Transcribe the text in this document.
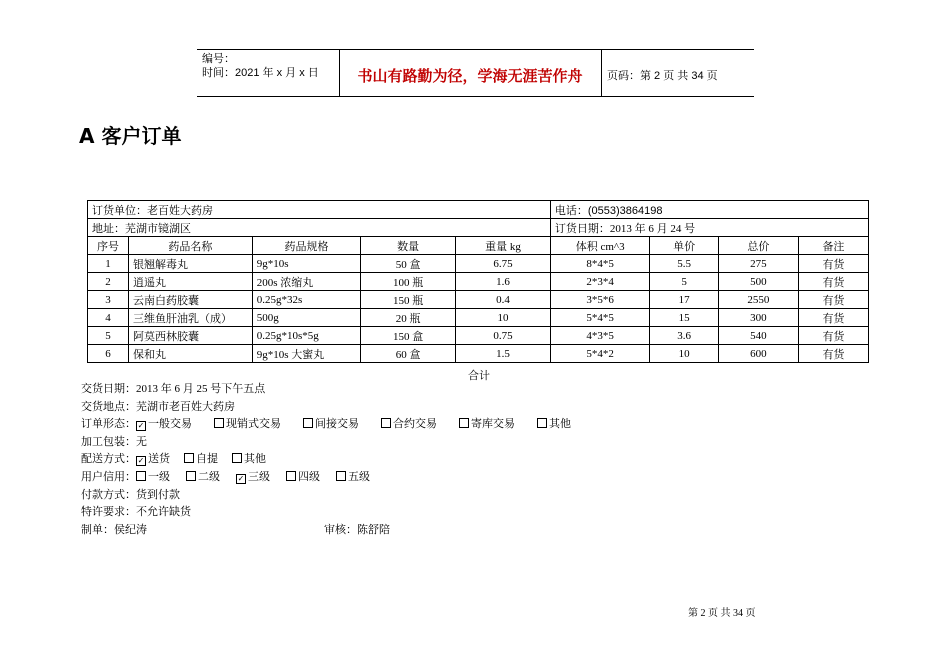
编号：
时间：2021 年 x 月 x 日	书山有路勤为径，学海无涯苦作舟	页码：第 2 页 共 34 页
A 客户订单
订货单位：老百姓大药房					电话：(0553)3864198			
地址：芜湖市镜湖区					订货日期：2013 年 6 月 24 号			
序号	药品名称	药品规格	数量	重量 kg	体积 cm^3	单价	总价	备注
1	银翘解毒丸	9g*10s	50 盒	6.75	8*4*5	5.5	275	有货
2	逍遥丸	200s 浓缩丸	100 瓶	1.6	2*3*4	5	500	有货
3	云南白药胶囊	0.25g*32s	150 瓶	0.4	3*5*6	17	2550	有货
4	三维鱼肝油乳（成）	500g	20 瓶	10	5*4*5	15	300	有货
5	阿莫西林胶囊	0.25g*10s*5g	150 盒	0.75	4*3*5	3.6	540	有货
6	保和丸	9g*10s 大蜜丸	60 盒	1.5	5*4*2	10	600	有货
合计
交货日期：2013 年 6 月 25 号下午五点
交货地点：芜湖市老百姓大药房
订单形态： ✓ 一般交易	现销式交易	间接交易	合约交易	寄库交易	其他
加工包装：无
配送方式： ✓ 送货 自提 其他
用户信用： 一级	二级 ✓ 三级	四级	五级
付款方式：货到付款
特许要求：不允许缺货
制单：侯纪涛	审核：陈舒陪
第 2 页 共 34 页
